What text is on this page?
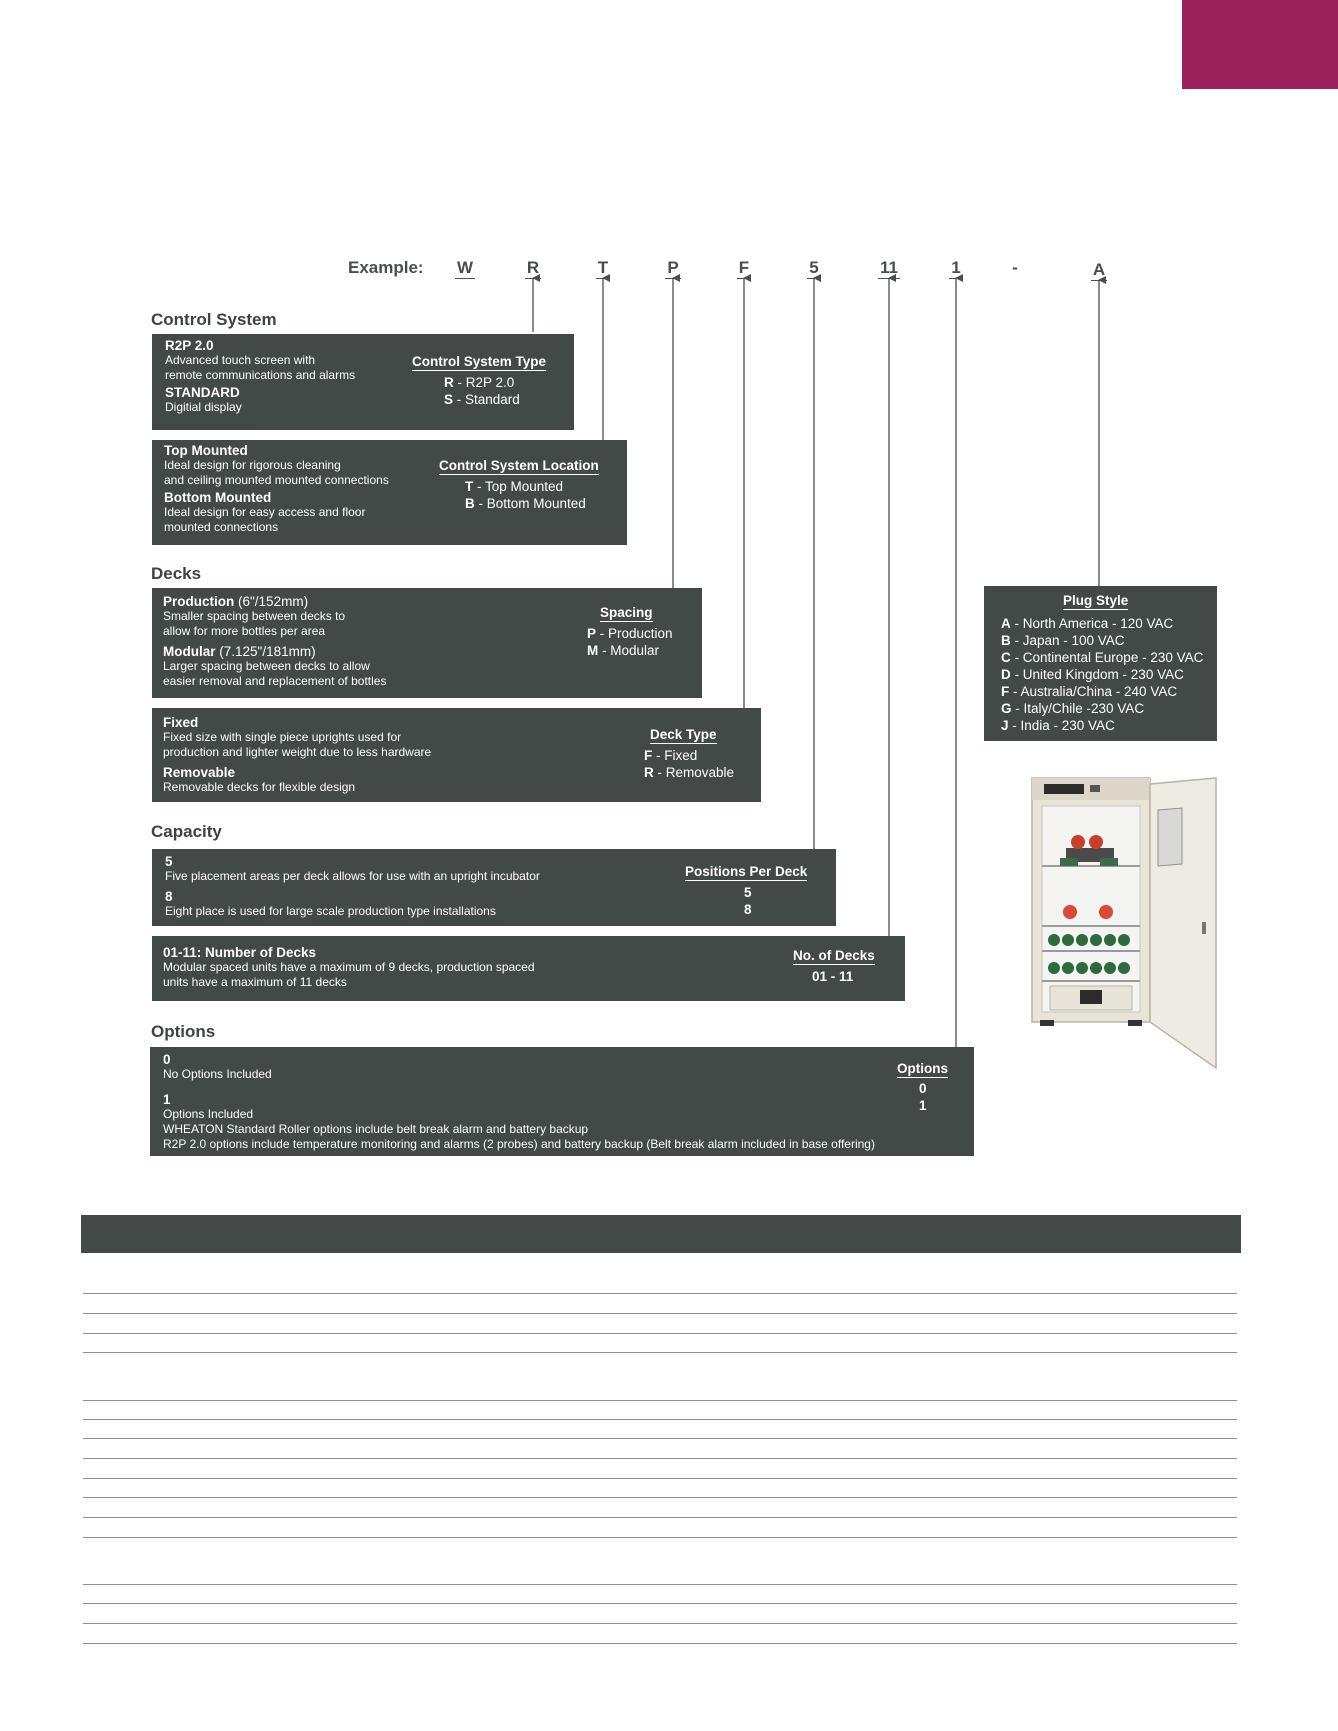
Example:	W	R	T	P	F	5	11	1	-	A
Control System
R2P 2.0
Advanced touch screen with
remote communications and alarms
STANDARD
Digitial display
Control System Type
R - R2P 2.0
S - Standard
Top Mounted
Ideal design for rigorous cleaning
and ceiling mounted mounted connections
Bottom Mounted
Ideal design for easy access and floor
mounted connections
Control System Location
T - Top Mounted
B - Bottom Mounted
Decks
Production (6"/152mm)
Smaller spacing between decks to
allow for more bottles per area
Modular (7.125"/181mm)
Larger spacing between decks to allow
easier removal and replacement of bottles
Spacing
P - Production
M - Modular
Fixed
Fixed size with single piece uprights used for
production and lighter weight due to less hardware
Removable
Removable decks for flexible design
Deck Type
F - Fixed
R - Removable
Capacity
5
Five placement areas per deck allows for use with an upright incubator
8
Eight place is used for large scale production type installations
Positions Per Deck
5
8
01-11: Number of Decks
Modular spaced units have a maximum of 9 decks, production spaced
units have a maximum of 11 decks
No. of Decks
01 - 11
Options
0
No Options Included
1
Options Included
WHEATON Standard Roller options include belt break alarm and battery backup
R2P 2.0 options include temperature monitoring and alarms (2 probes) and battery backup (Belt break alarm included in base offering)
Options
0
1
Plug Style
A - North America - 120 VAC
B - Japan - 100 VAC
C - Continental Europe - 230 VAC
D - United Kingdom - 230 VAC
F - Australia/China - 240 VAC
G - Italy/Chile -230 VAC
J - India - 230 VAC
